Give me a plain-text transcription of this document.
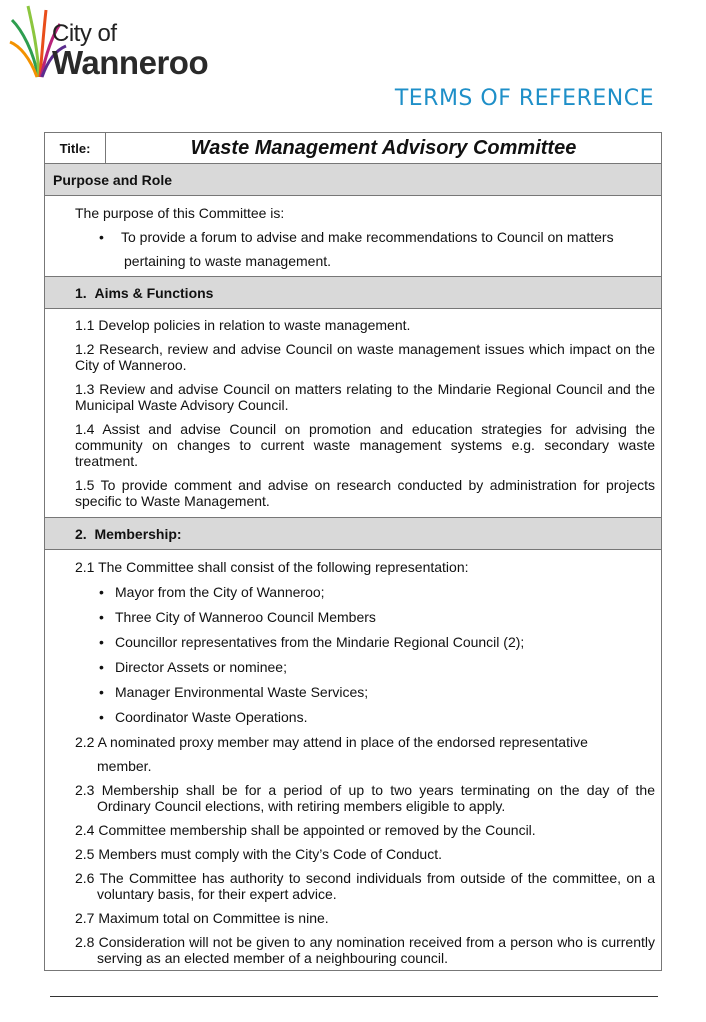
City of
Wanneroo
TERMS OF REFERENCE
Title:	Waste Management Advisory Committee

Purpose and Role

The purpose of this Committee is:

• To provide a forum to advise and make recommendations to Council on matters

pertaining to waste management.

1.  Aims & Functions

1.1 Develop policies in relation to waste management.

1.2 Research, review and advise Council on waste management issues which impact on the City of Wanneroo.

1.3 Review and advise Council on matters relating to the Mindarie Regional Council and the Municipal Waste Advisory Council.

1.4 Assist and advise Council on promotion and education strategies for advising the community on changes to current waste management systems e.g. secondary waste treatment.

1.5 To provide comment and advise on research conducted by administration for projects specific to Waste Management.

2.  Membership:

2.1 The Committee shall consist of the following representation:

• Mayor from the City of Wanneroo;
• Three City of Wanneroo Council Members
• Councillor representatives from the Mindarie Regional Council (2);
• Director Assets or nominee;
• Manager Environmental Waste Services;
• Coordinator Waste Operations.

2.2 A nominated proxy member may attend in place of the endorsed representative

member.

2.3 Membership shall be for a period of up to two years terminating on the day of the Ordinary Council elections, with retiring members eligible to apply.

2.4 Committee membership shall be appointed or removed by the Council.

2.5 Members must comply with the City’s Code of Conduct.

2.6 The Committee has authority to second individuals from outside of the committee, on a voluntary basis, for their expert advice.

2.7 Maximum total on Committee is nine.

2.8 Consideration will not be given to any nomination received from a person who is currently serving as an elected member of a neighbouring council.
